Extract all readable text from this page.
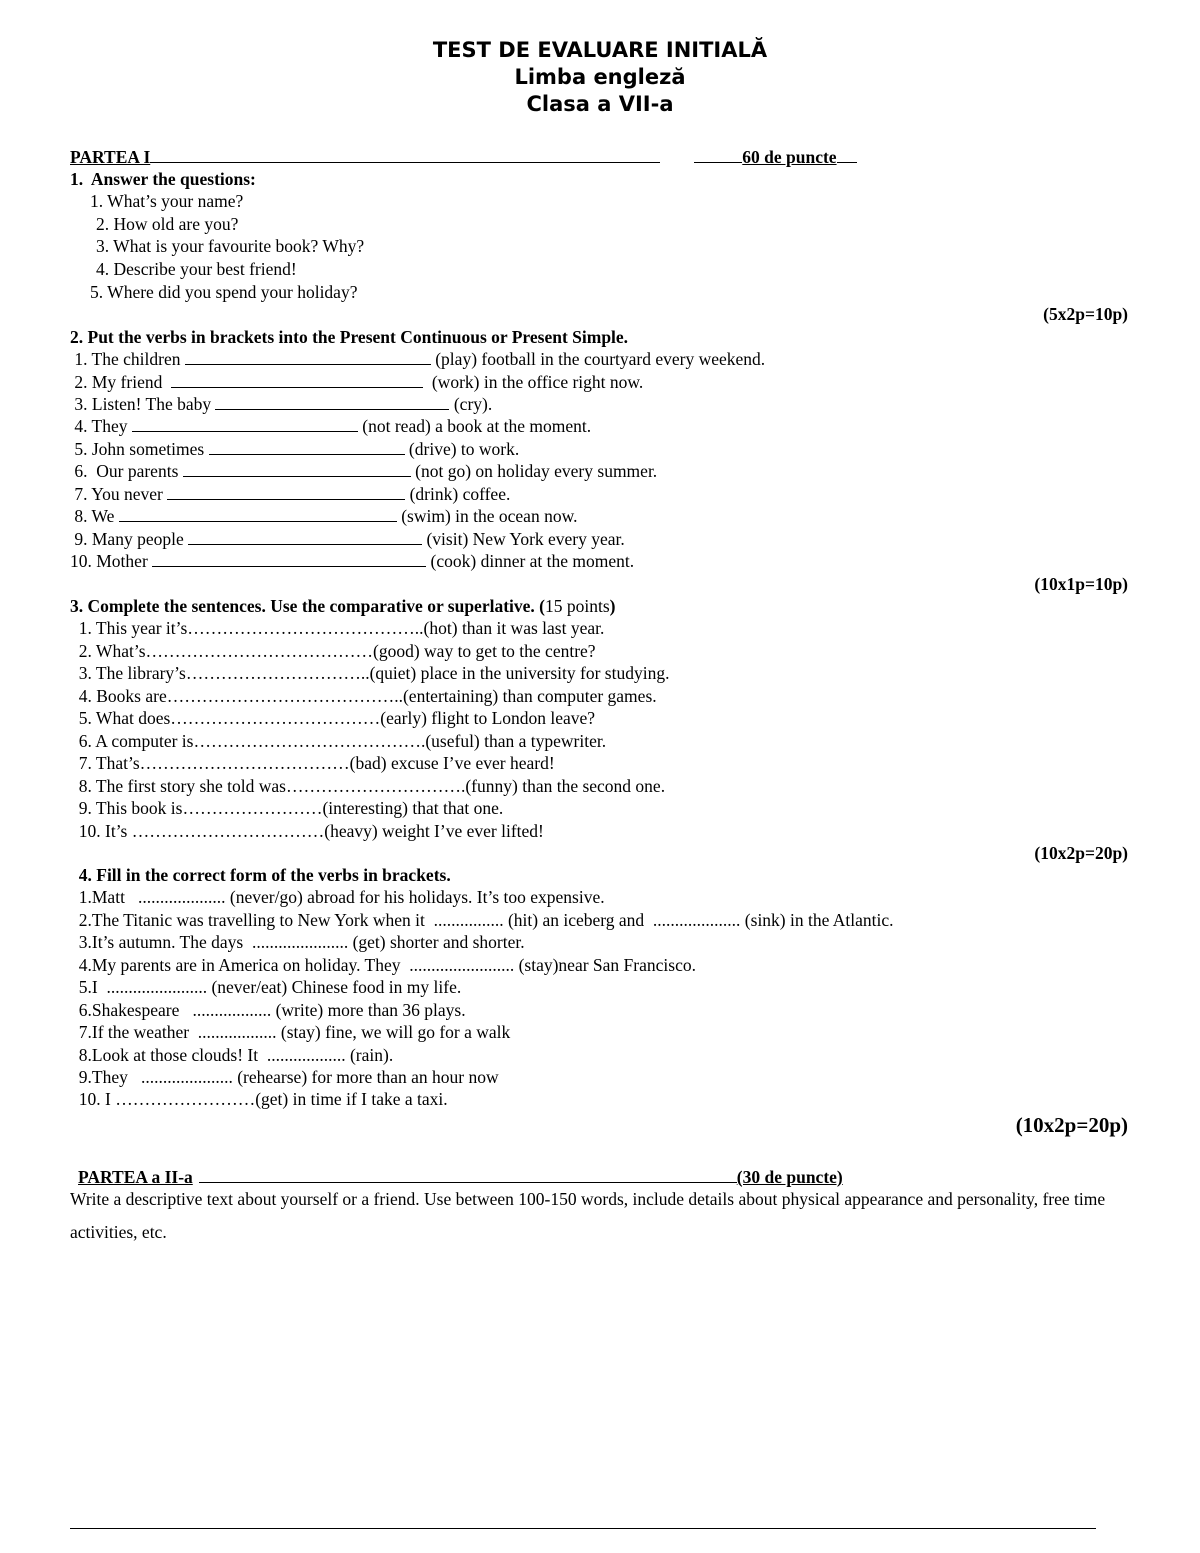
TEST DE EVALUARE INITIALĂ
Limba engleză
Clasa a VII-a
PARTEA I	60 de puncte
1.  Answer the questions:
1. What’s your name?
2. How old are you?
3. What is your favourite book? Why?
4. Describe your best friend!
5. Where did you spend your holiday?
(5x2p=10p)
2. Put the verbs in brackets into the Present Continuous or Present Simple.
1. The children	(play) football in the courtyard every weekend.
2. My friend	(work) in the office right now.
3. Listen! The baby	(cry).
4. They	(not read) a book at the moment.
5. John sometimes	(drive) to work.
6.  Our parents	(not go) on holiday every summer.
7. You never	(drink) coffee.
8. We	(swim) in the ocean now.
9. Many people	(visit) New York every year.
10. Mother	(cook) dinner at the moment.
(10x1p=10p)
3. Complete the sentences. Use the comparative or superlative. (15 points)
1. This year it’s…………………………………..(hot) than it was last year.
2. What’s…………………………………(good) way to get to the centre?
3. The library’s…………………………..(quiet) place in the university for studying.
4. Books are…………………………………..(entertaining) than computer games.
5. What does………………………………(early) flight to London leave?
6. A computer is………………………………….(useful) than a typewriter.
7. That’s………………………………(bad) excuse I’ve ever heard!
8. The first story she told was………………………….(funny) than the second one.
9. This book is……………………(interesting) that that one.
10. It’s ……………………………(heavy) weight I’ve ever lifted!
(10x2p=20p)
4. Fill in the correct form of the verbs in brackets.
1.Matt   .................... (never/go) abroad for his holidays. It’s too expensive.
2.The Titanic was travelling to New York when it  ................ (hit) an iceberg and  .................... (sink) in the Atlantic.
3.It’s autumn. The days  ...................... (get) shorter and shorter.
4.My parents are in America on holiday. They  ........................ (stay)near San Francisco.
5.I  ....................... (never/eat) Chinese food in my life.
6.Shakespeare   .................. (write) more than 36 plays.
7.If the weather  .................. (stay) fine, we will go for a walk
8.Look at those clouds! It  .................. (rain).
9.They   ..................... (rehearse) for more than an hour now
10. I ……………………(get) in time if I take a taxi.
(10x2p=20p)
PARTEA a II-a	(30 de puncte)
Write a descriptive text about yourself or a friend. Use between 100-150 words, include details about physical appearance and personality, free time activities, etc.
